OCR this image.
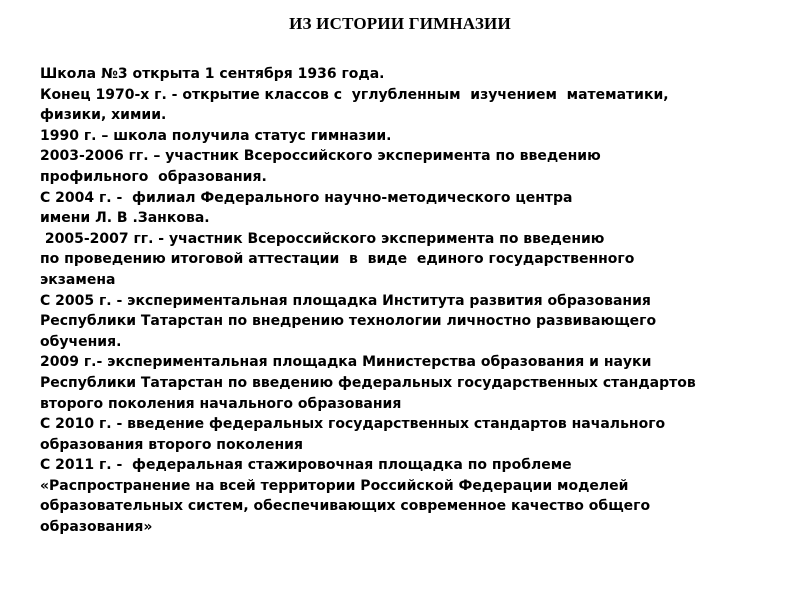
ИЗ ИСТОРИИ ГИМНАЗИИ
Школа №3 открыта 1 сентября 1936 года.
Конец 1970-х г. - открытие классов с  углубленным  изучением  математики,
физики, химии.
1990 г. – школа получила статус гимназии.
2003-2006 гг. – участник Всероссийского эксперимента по введению
профильного  образования.
С 2004 г. -  филиал Федерального научно-методического центра
имени Л. В .Занкова.
2005-2007 гг. - участник Всероссийского эксперимента по введению
по проведению итоговой аттестации  в  виде  единого государственного
экзамена
С 2005 г. - экспериментальная площадка Института развития образования
Республики Татарстан по внедрению технологии личностно развивающего
обучения.
2009 г.- экспериментальная площадка Министерства образования и науки
Республики Татарстан по введению федеральных государственных стандартов
второго поколения начального образования
С 2010 г. - введение федеральных государственных стандартов начального
образования второго поколения
С 2011 г. -  федеральная стажировочная площадка по проблеме
«Распространение на всей территории Российской Федерации моделей
образовательных систем, обеспечивающих современное качество общего
образования»
